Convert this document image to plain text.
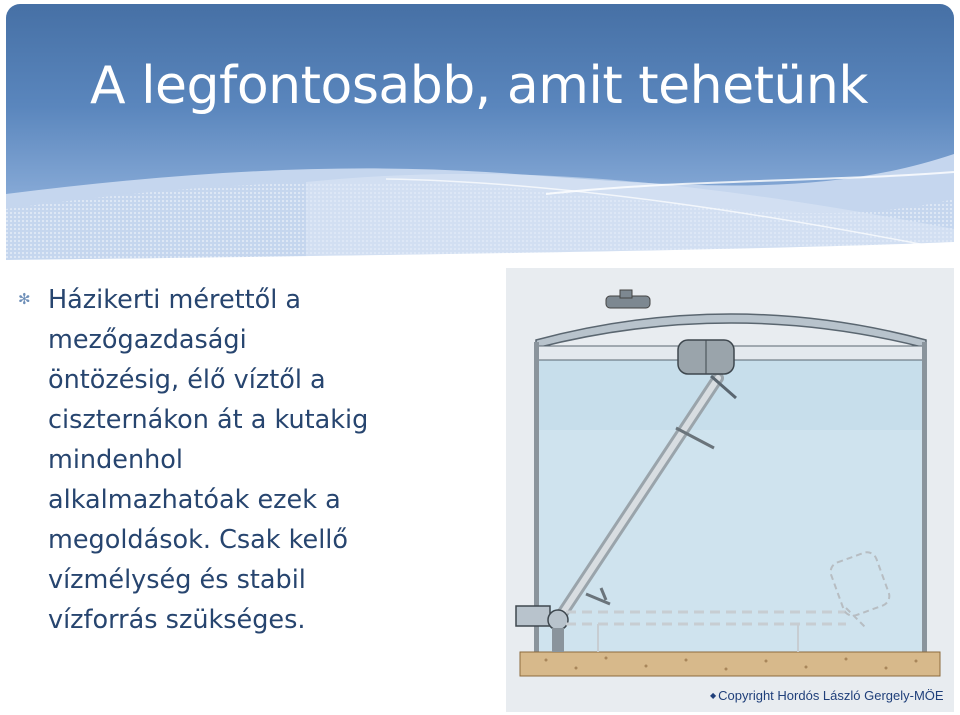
A legfontosabb, amit tehetünk
✻ Házikerti mérettől a
mezőgazdasági
öntözésig, élő víztől a
ciszternákon át a kutakig
mindenhol
alkalmazhatóak ezek a
megoldások. Csak kellő
vízmélység és stabil
vízforrás szükséges.
◆ Copyright Hordós László Gergely-MÖE
